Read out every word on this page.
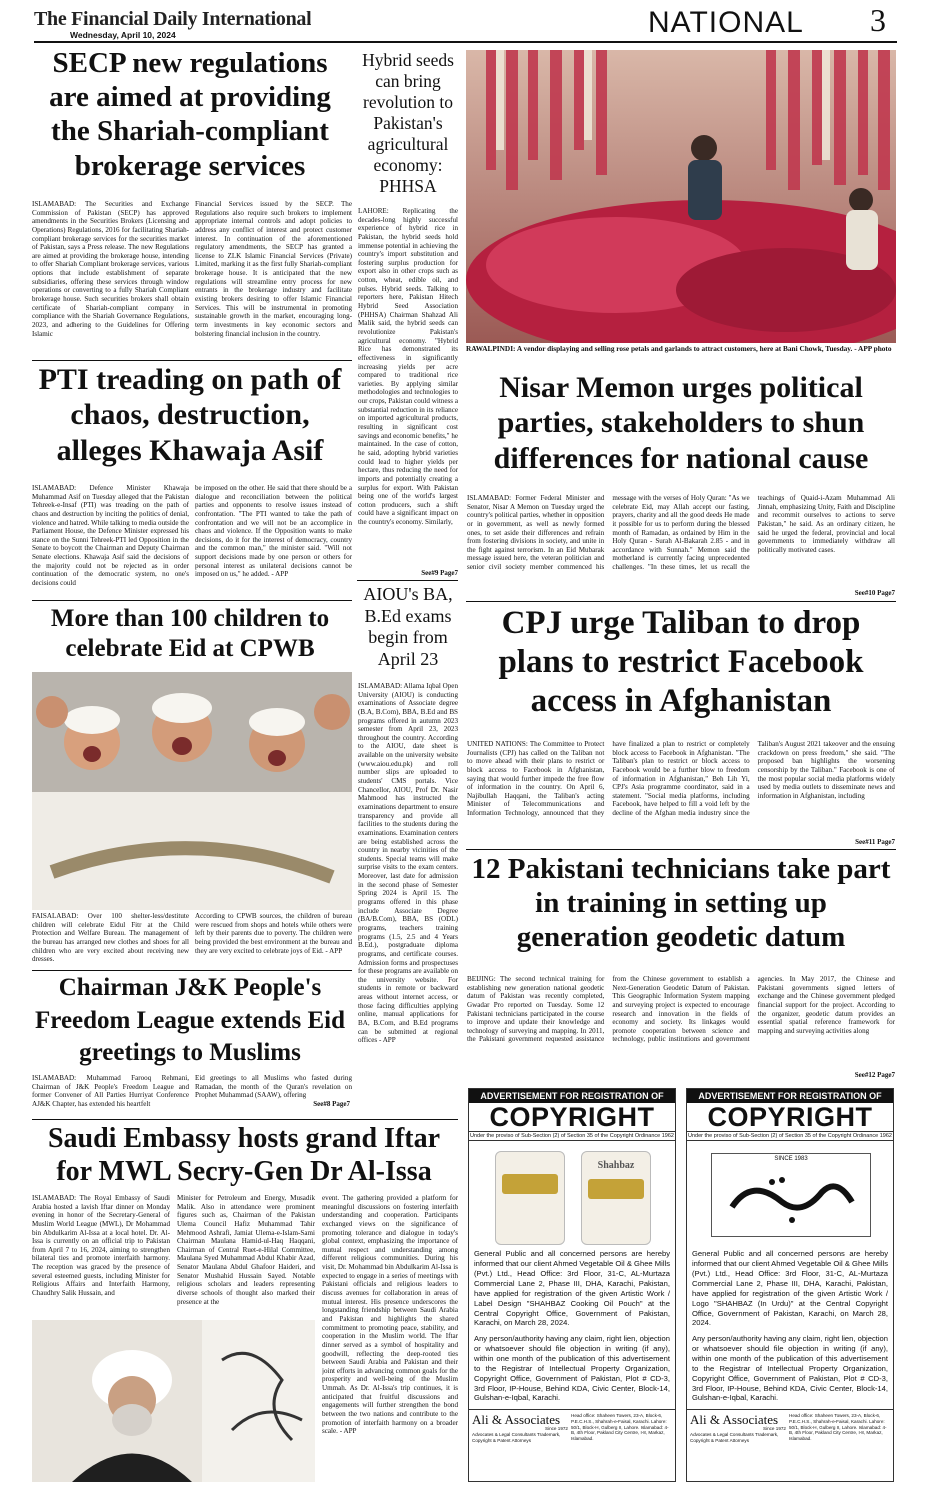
The Financial Daily International
Wednesday, April 10, 2024	NATIONAL 3
SECP new regulations are aimed at providing the Shariah-compliant brokerage services
ISLAMABAD: The Securities and Exchange Commission of Pakistan (SECP) has approved amendments in the Securities Brokers (Licensing and Operations) Regulations, 2016 for facilitating Shariah-compliant brokerage services for the securities market of Pakistan, says a Press release. The new Regulations are aimed at providing the brokerage house, intending to offer Shariah Compliant brokerage services, various options that include establishment of separate subsidiaries, offering these services through window operations or converting to a fully Shariah Compliant brokerage house. Such securities brokers shall obtain certificate of Shariah-compliant company in compliance with the Shariah Governance Regulations, 2023, and adhering to the Guidelines for Offering Islamic
Financial Services issued by the SECP. The Regulations also require such brokers to implement appropriate internal controls and adopt policies to address any conflict of interest and protect customer interest. In continuation of the aforementioned regulatory amendments, the SECP has granted a license to ZLK Islamic Financial Services (Private) Limited, marking it as the first fully Shariah-compliant brokerage house. It is anticipated that the new regulations will streamline entry process for new entrants in the brokerage industry and facilitate existing brokers desiring to offer Islamic Financial Services. This will be instrumental in promoting sustainable growth in the market, encouraging long-term investments in key economic sectors and bolstering financial inclusion in the country.
Hybrid seeds can bring revolution to Pakistan's agricultural economy: PHHSA
LAHORE: Replicating the decades-long highly successful experience of hybrid rice in Pakistan, the hybrid seeds hold immense potential in achieving the country's import substitution and fostering surplus production for export also in other crops such as cotton, wheat, edible oil, and pulses. Hybrid seeds. Talking to reporters here, Pakistan Hitech Hybrid Seed Association (PHHSA) Chairman Shahzad Ali Malik said, the hybrid seeds can revolutionize Pakistan's agricultural economy. "Hybrid Rice has demonstrated its effectiveness in significantly increasing yields per acre compared to traditional rice varieties. By applying similar methodologies and technologies to our crops, Pakistan could witness a substantial reduction in its reliance on imported agricultural products, resulting in significant cost savings and economic benefits," he maintained. In the case of cotton, he said, adopting hybrid varieties could lead to higher yields per hectare, thus reducing the need for imports and potentially creating a surplus for export. With Pakistan being one of the world's largest cotton producers, such a shift could have a significant impact on the country's economy. Similarly,
See#9 Page7
RAWALPINDI: A vendor displaying and selling rose petals and garlands to attract customers, here at Bani Chowk, Tuesday. - APP photo
PTI treading on path of chaos, destruction, alleges Khawaja Asif
ISLAMABAD: Defence Minister Khawaja Muhammad Asif on Tuesday alleged that the Pakistan Tehreek-e-Insaf (PTI) was treading on the path of chaos and destruction by inciting the politics of denial, violence and hatred. While talking to media outside the Parliament House, the Defence Minister expressed his stance on the Sunni Tehreek-PTI led Opposition in the Senate to boycott the Chairman and Deputy Chairman Senate elections. Khawaja Asif said the decisions of the majority could not be rejected as in order continuation of the democratic system, no one's decisions could
be imposed on the other. He said that there should be a dialogue and reconciliation between the political parties and opponents to resolve issues instead of confrontation. "The PTI wanted to take the path of confrontation and we will not be an accomplice in chaos and violence. If the Opposition wants to make decisions, do it for the interest of democracy, country and the common man," the minister said. "Will not support decisions made by one person or others for personal interest as unilateral decisions cannot be imposed on us," he added. - APP
Nisar Memon urges political parties, stakeholders to shun differences for national cause
ISLAMABAD: Former Federal Minister and Senator, Nisar A Memon on Tuesday urged the country's political parties, whether in opposition or in government, as well as newly formed ones, to set aside their differences and refrain from fostering divisions in society, and unite in the fight against terrorism. In an Eid Mubarak message issued here, the veteran politician and senior civil society member commenced his message with the verses of Holy Quran: "As we celebrate Eid, may Allah accept our fasting, prayers, charity and all the good deeds He made it possible for us to perform during the blessed month of Ramadan, as ordained by Him in the Holy Quran - Surah Al-Bakarah 2.85 - and in accordance with Sunnah." Memon said the motherland is currently facing unprecedented challenges. "In these times, let us recall the teachings of Quaid-i-Azam Muhammad Ali Jinnah, emphasizing Unity, Faith and Discipline and recommit ourselves to actions to serve Pakistan," he said. As an ordinary citizen, he said he urged the federal, provincial and local governments to immediately withdraw all politically motivated cases.
See#10 Page7
More than 100 children to celebrate Eid at CPWB
FAISALABAD: Over 100 shelter-less/destitute children will celebrate Eidul Fitr at the Child Protection and Welfare Bureau. The management of the bureau has arranged new clothes and shoes for all children who are very excited about receiving new dresses.
According to CPWB sources, the children of bureau were rescued from shops and hotels while others were left by their parents due to poverty. The children were being provided the best environment at the bureau and they are very excited to celebrate joys of Eid. - APP
AIOU's BA, B.Ed exams begin from April 23
ISLAMABAD: Allama Iqbal Open University (AIOU) is conducting examinations of Associate degree (B.A, B.Com), BBA, B.Ed and BS programs offered in autumn 2023 semester from April 23, 2023 throughout the country. According to the AIOU, date sheet is available on the university website (www.aiou.edu.pk) and roll number slips are uploaded to students' CMS portals. Vice Chancellor, AIOU, Prof Dr. Nasir Mahmood has instructed the examinations department to ensure transparency and provide all facilities to the students during the examinations. Examination centers are being established across the country in nearby vicinities of the students. Special teams will make surprise visits to the exam centers. Moreover, last date for admission in the second phase of Semester Spring 2024 is April 15. The programs offered in this phase include Associate Degree (BA/B.Com), BBA, BS (ODL) programs, teachers training programs (1.5, 2.5 and 4 Years B.Ed.), postgraduate diploma programs, and certificate courses. Admission forms and prospectuses for these programs are available on the university website. For students in remote or backward areas without internet access, or those facing difficulties applying online, manual applications for BA, B.Com, and B.Ed programs can be submitted at regional offices - APP
CPJ urge Taliban to drop plans to restrict Facebook access in Afghanistan
UNITED NATIONS: The Committee to Protect Journalists (CPJ) has called on the Taliban not to move ahead with their plans to restrict or block access to Facebook in Afghanistan, saying that would further impede the free flow of information in the country. On April 6, Najibullah Haqqani, the Taliban's acting Minister of Telecommunications and Information Technology, announced that they have finalized a plan to restrict or completely block access to Facebook in Afghanistan. "The Taliban's plan to restrict or block access to Facebook would be a further blow to freedom of information in Afghanistan," Beh Lih Yi, CPJ's Asia programme coordinator, said in a statement. "Social media platforms, including Facebook, have helped to fill a void left by the decline of the Afghan media industry since the Taliban's August 2021 takeover and the ensuing crackdown on press freedom," she said. "The proposed ban highlights the worsening censorship by the Taliban." Facebook is one of the most popular social media platforms widely used by media outlets to disseminate news and information in Afghanistan, including
See#11 Page7
12 Pakistani technicians take part in training in setting up generation geodetic datum
BEIJING: The second technical training for establishing new generation national geodetic datum of Pakistan was recently completed, Gwadar Pro reported on Tuesday. Some 12 Pakistani technicians participated in the course to improve and update their knowledge and technology of surveying and mapping. In 2011, the Pakistani government requested assistance from the Chinese government to establish a Next-Generation Geodetic Datum of Pakistan. This Geographic Information System mapping and surveying project is expected to encourage research and innovation in the fields of economy and society. Its linkages would promote cooperation between science and technology, public institutions and government agencies. In May 2017, the Chinese and Pakistani governments signed letters of exchange and the Chinese government pledged financial support for the project. According to the organizer, geodetic datum provides an essential spatial reference framework for mapping and surveying activities along
See#12 Page7
Chairman J&K People's Freedom League extends Eid greetings to Muslims
ISLAMABAD: Muhammad Farooq Rehmani, Chairman of J&K People's Freedom League and former Convener of All Parties Hurriyat Conference AJ&K Chapter, has extended his heartfelt
Eid greetings to all Muslims who fasted during Ramadan, the month of the Quran's revelation on Prophet Muhammad (SAAW), offering
See#8 Page7
Saudi Embassy hosts grand Iftar for MWL Secry-Gen Dr Al-Issa
ISLAMABAD: The Royal Embassy of Saudi Arabia hosted a lavish Iftar dinner on Monday evening in honor of the Secretary-General of Muslim World League (MWL), Dr Mohammad bin Abdulkarim Al-Issa at a local hotel. Dr. Al-Issa is currently on an official trip to Pakistan from April 7 to 16, 2024, aiming to strengthen bilateral ties and promote interfaith harmony. The reception was graced by the presence of several esteemed guests, including Minister for Religious Affairs and Interfaith Harmony, Chaudhry Salik Hussain, and
Minister for Petroleum and Energy, Musadik Malik. Also in attendance were prominent figures such as, Chairman of the Pakistan Ulema Council Hafiz Muhammad Tahir Mehmood Ashrafi, Jamiat Ulema-e-Islam-Sami Chairman Maulana Hamid-ul-Haq Haqqani, Chairman of Central Ruet-e-Hilal Committee, Maulana Syed Muhammad Abdul Khabir Azad, Senator Maulana Abdul Ghafoor Haideri, and Senator Mushahid Hussain Sayed. Notable religious scholars and leaders representing diverse schools of thought also marked their presence at the
event. The gathering provided a platform for meaningful discussions on fostering interfaith understanding and cooperation. Participants exchanged views on the significance of promoting tolerance and dialogue in today's global context, emphasizing the importance of mutual respect and understanding among different religious communities. During his visit, Dr. Mohammad bin Abdulkarim Al-Issa is expected to engage in a series of meetings with Pakistani officials and religious leaders to discuss avenues for collaboration in areas of mutual interest. His presence underscores the longstanding friendship between Saudi Arabia and Pakistan and highlights the shared commitment to promoting peace, stability, and cooperation in the Muslim world. The Iftar dinner served as a symbol of hospitality and goodwill, reflecting the deep-rooted ties between Saudi Arabia and Pakistan and their joint efforts in advancing common goals for the prosperity and well-being of the Muslim Ummah. As Dr. Al-Issa's trip continues, it is anticipated that fruitful discussions and engagements will further strengthen the bond between the two nations and contribute to the promotion of interfaith harmony on a broader scale. - APP
ADVERTISEMENT FOR REGISTRATION OF
COPYRIGHT
Under the proviso of Sub-Section (2) of Section 35 of the Copyright Ordinance 1962
Shahbaz
General Public and all concerned persons are hereby informed that our client Ahmed Vegetable Oil & Ghee Mills (Pvt.) Ltd., Head Office: 3rd Floor, 31-C, AL-Murtaza Commercial Lane 2, Phase III, DHA, Karachi, Pakistan, have applied for registration of the given Artistic Work / Label Design "SHAHBAZ Cooking Oil Pouch" at the Central Copyright Office, Government of Pakistan, Karachi, on March 28, 2024.
Any person/authority having any claim, right lien, objection or whatsoever should file objection in writing (if any), within one month of the publication of this advertisement to the Registrar of Intellectual Property Organization, Copyright Office, Government of Pakistan, Plot # CD-3, 3rd Floor, IP-House, Behind KDA, Civic Center, Block-14, Gulshan-e-Iqbal, Karachi.
Ali & Associates
Since 1972
Advocates & Legal Consultants Trademark, Copyright & Patent Attorneys
Head office: Shaheen Towers, 23-A, Block-6, P.E.C.H.S., Shahrah-e-Faisal, Karachi. Lahore: 50/1, Block-H, Gulberg II, Lahore. Islamabad: 4-B, 4th Floor, Pakland City Centre, I-8, Markaz, Islamabad.
ADVERTISEMENT FOR REGISTRATION OF
COPYRIGHT
Under the proviso of Sub-Section (2) of Section 35 of the Copyright Ordinance 1962
SINCE 1983
General Public and all concerned persons are hereby informed that our client Ahmed Vegetable Oil & Ghee Mills (Pvt.) Ltd., Head Office: 3rd Floor, 31-C, AL-Murtaza Commercial Lane 2, Phase III, DHA, Karachi, Pakistan, have applied for registration of the given Artistic Work / Logo "SHAHBAZ (In Urdu)" at the Central Copyright Office, Government of Pakistan, Karachi, on March 28, 2024.
Any person/authority having any claim, right lien, objection or whatsoever should file objection in writing (if any), within one month of the publication of this advertisement to the Registrar of Intellectual Property Organization, Copyright Office, Government of Pakistan, Plot # CD-3, 3rd Floor, IP-House, Behind KDA, Civic Center, Block-14, Gulshan-e-Iqbal, Karachi.
Ali & Associates
Since 1972
Advocates & Legal Consultants Trademark, Copyright & Patent Attorneys
Head office: Shaheen Towers, 23-A, Block-6, P.E.C.H.S., Shahrah-e-Faisal, Karachi. Lahore: 50/1, Block-H, Gulberg II, Lahore. Islamabad: 4-B, 4th Floor, Pakland City Centre, I-8, Markaz, Islamabad.
